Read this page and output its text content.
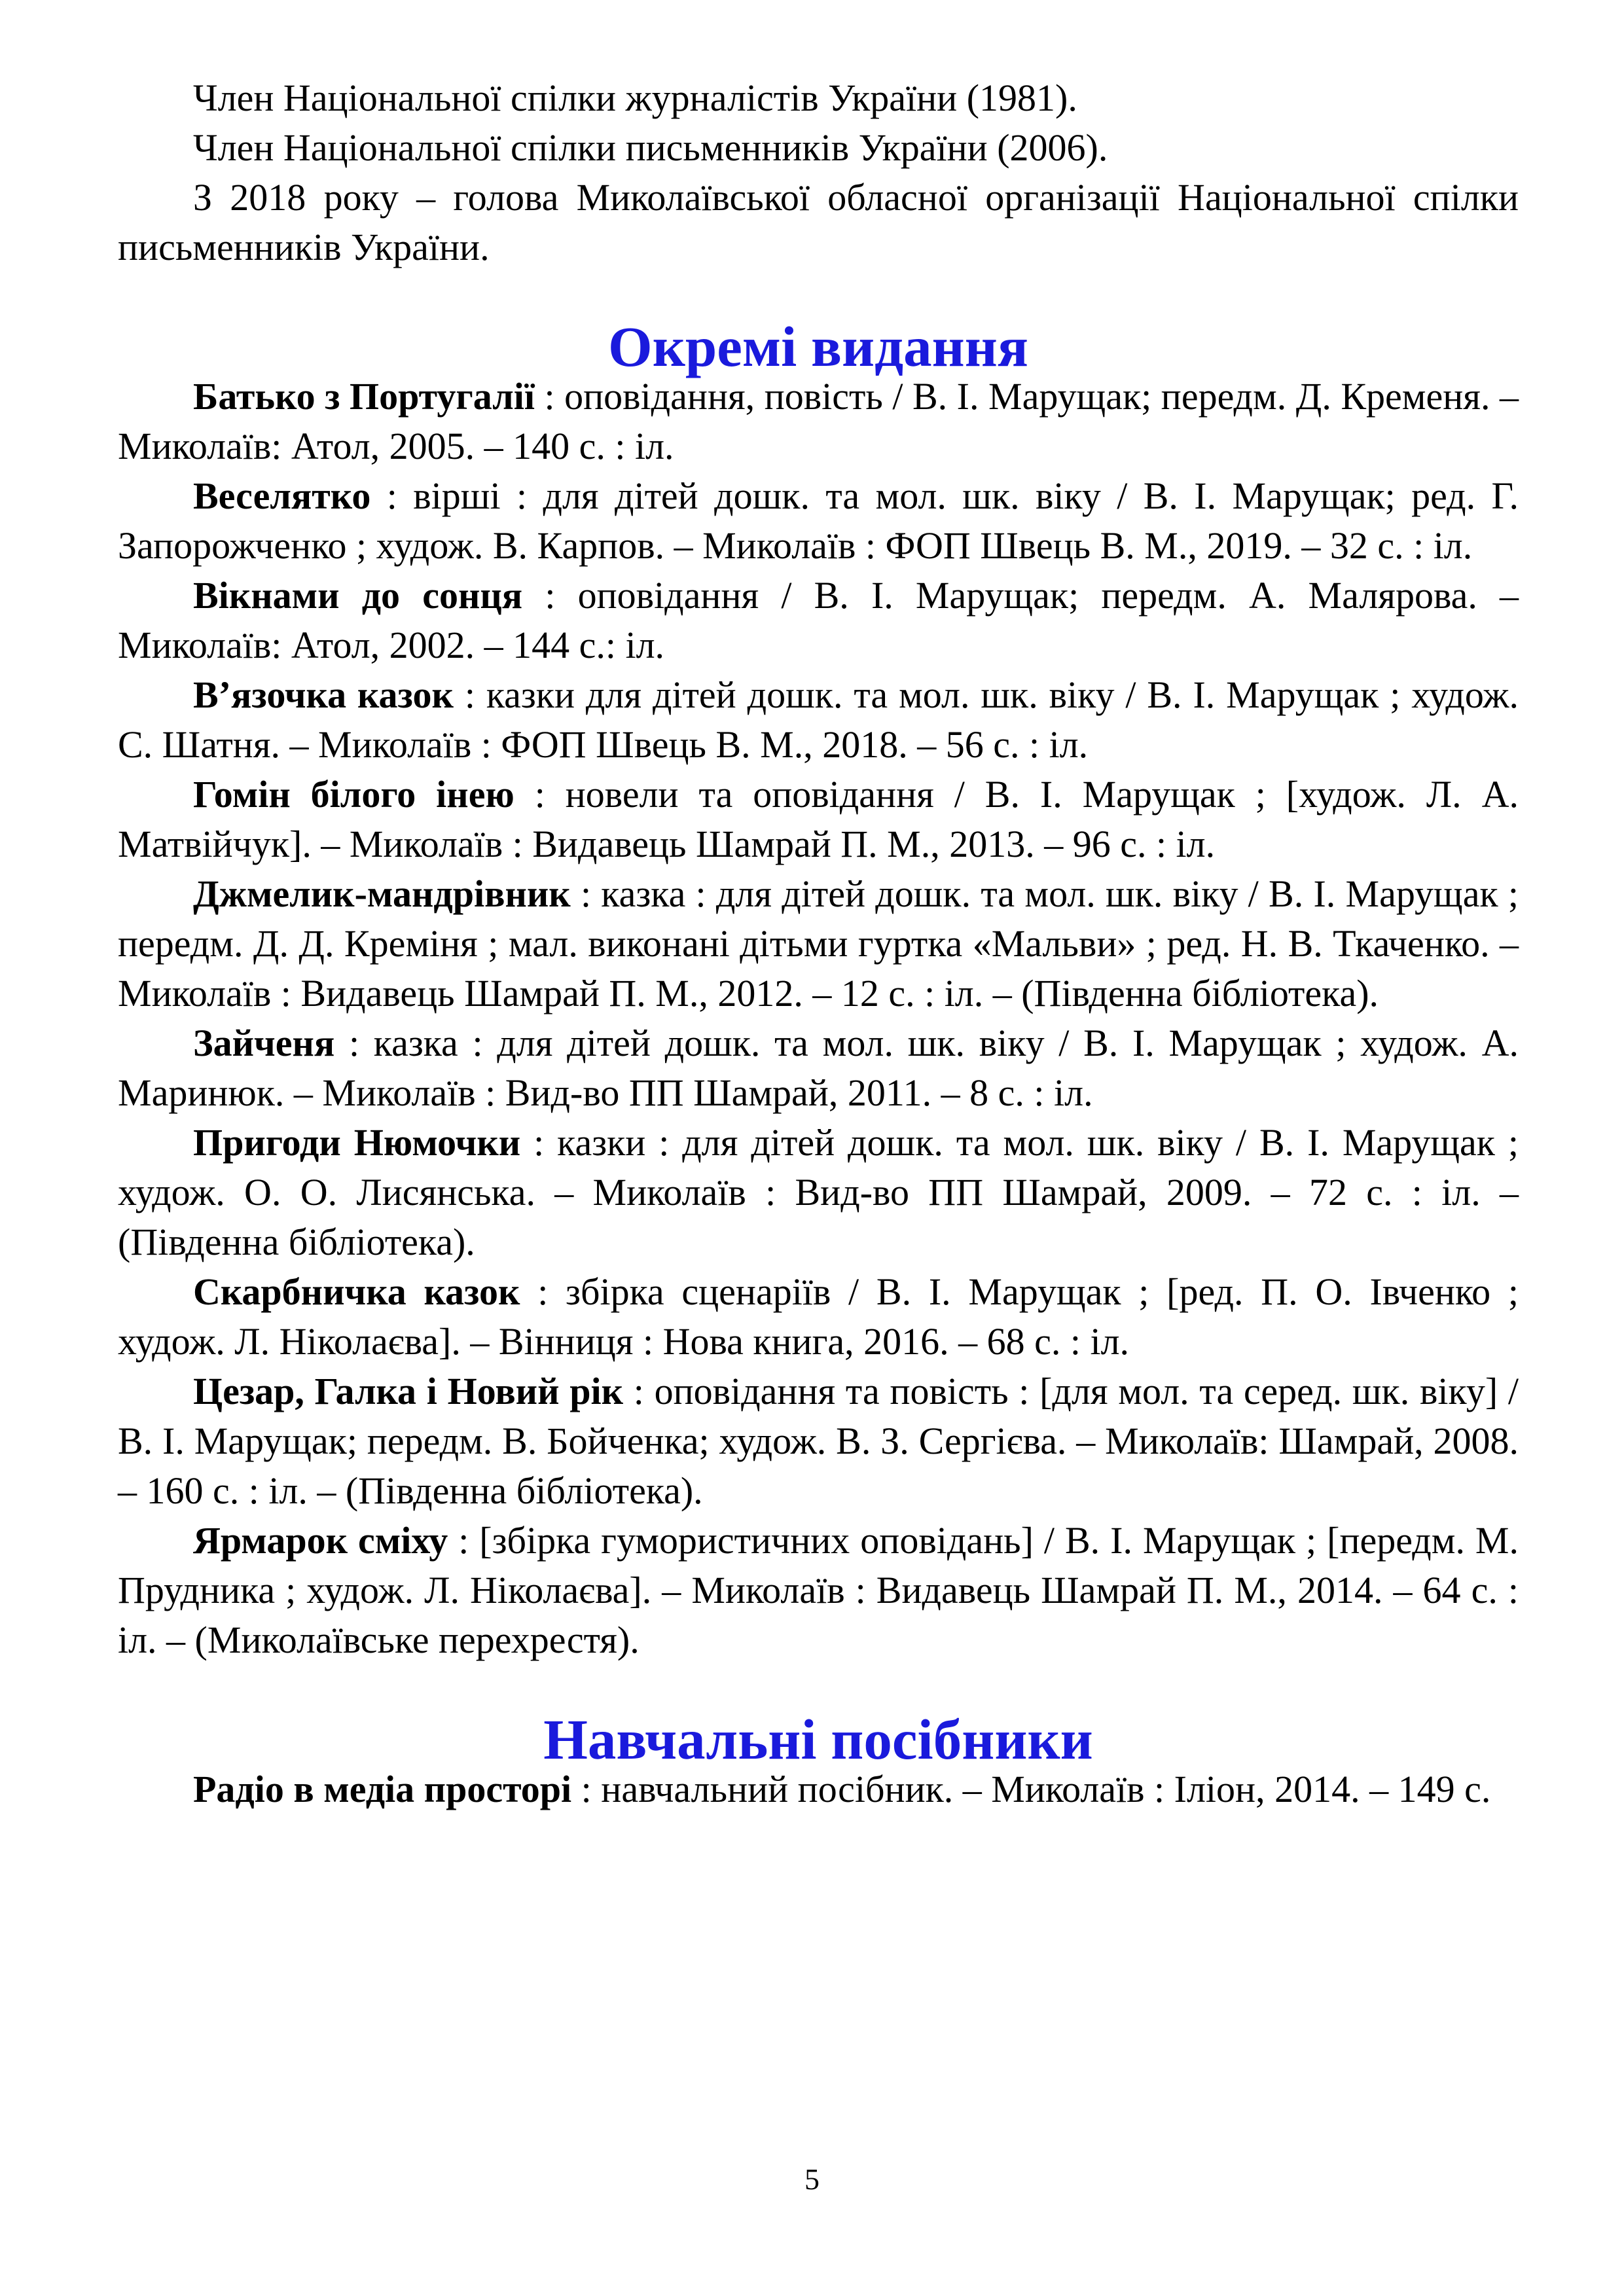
Член Національної спілки журналістів України (1981).

Член Національної спілки письменників України (2006).

З 2018 року – голова Миколаївської обласної організації Національної спілки письменників України.

Окремі видання

Батько з Португалії : оповідання, повість / В. І. Марущак; передм. Д. Кременя. – Миколаїв: Атол, 2005. – 140 с. : іл.

Веселятко : вірші : для дітей дошк. та мол. шк. віку / В. І. Марущак; ред. Г. Запорожченко ; худож. В. Карпов. – Миколаїв : ФОП Швець В. М., 2019. – 32 с. : іл.

Вікнами до сонця : оповідання / В. І. Марущак; передм. А. Малярова. – Миколаїв: Атол, 2002. – 144 с.: іл.

В’язочка казок : казки для дітей дошк. та мол. шк. віку / В. І. Марущак ; худож. С. Шатня. – Миколаїв : ФОП Швець В. М., 2018. – 56 с. : іл.

Гомін білого інею : новели та оповідання / В. І. Марущак ; [худож. Л. А. Матвійчук]. – Миколаїв : Видавець Шамрай П. М., 2013. – 96 с. : іл.

Джмелик-мандрівник : казка : для дітей дошк. та мол. шк. віку / В. І. Марущак ; передм. Д. Д. Креміня ; мал. виконані дітьми гуртка «Мальви» ; ред. Н. В. Ткаченко. – Миколаїв : Видавець Шамрай П. М., 2012. – 12 с. : іл. – (Південна бібліотека).

Зайченя : казка : для дітей дошк. та мол. шк. віку / В. І. Марущак ; худож. А. Маринюк. – Миколаїв : Вид-во ПП Шамрай, 2011. – 8 с. : іл.

Пригоди Нюмочки : казки : для дітей дошк. та мол. шк. віку / В. І. Марущак ; худож. О. О. Лисянська. – Миколаїв : Вид-во ПП Шамрай, 2009. – 72 с. : іл. – (Південна бібліотека).

Скарбничка казок : збірка сценаріїв / В. І. Марущак ; [ред. П. О. Івченко ; худож. Л. Ніколаєва]. – Вінниця : Нова книга, 2016. – 68 с. : іл.

Цезар, Галка і Новий рік : оповідання та повість : [для мол. та серед. шк. віку] / В. І. Марущак; передм. В. Бойченка; худож. В. З. Сергієва. – Миколаїв: Шамрай, 2008. – 160 с. : іл. – (Південна бібліотека).

Ярмарок сміху : [збірка гумористичних оповідань] / В. І. Марущак ; [передм. М. Прудника ; худож. Л. Ніколаєва]. – Миколаїв : Видавець Шамрай П. М., 2014. – 64 с. : іл. – (Миколаївське перехрестя).

Навчальні посібники

Радіо в медіа просторі : навчальний посібник. – Миколаїв : Іліон, 2014. – 149 с.

5
